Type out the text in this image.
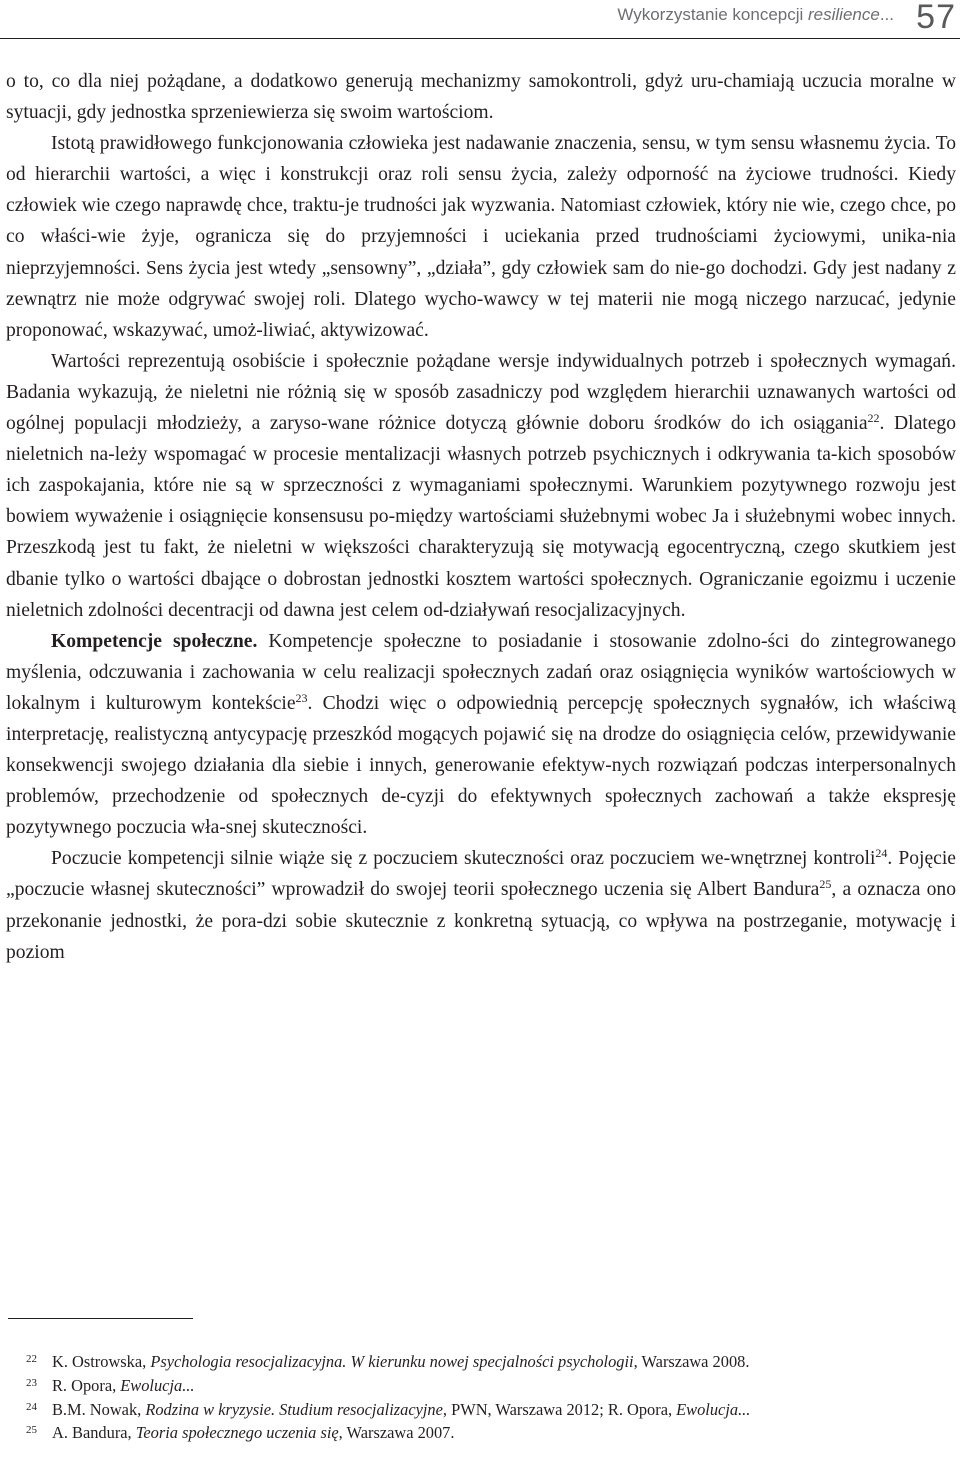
Wykorzystanie koncepcji resilience... 57

o to, co dla niej pożądane, a dodatkowo generują mechanizmy samokontroli, gdyż uru-chamiają uczucia moralne w sytuacji, gdy jednostka sprzeniewierza się swoim wartościom.

Istotą prawidłowego funkcjonowania człowieka jest nadawanie znaczenia, sensu, w tym sensu własnemu życia. To od hierarchii wartości, a więc i konstrukcji oraz roli sensu życia, zależy odporność na życiowe trudności. Kiedy człowiek wie czego naprawdę chce, traktu-je trudności jak wyzwania. Natomiast człowiek, który nie wie, czego chce, po co właści-wie żyje, ogranicza się do przyjemności i uciekania przed trudnościami życiowymi, unika-nia nieprzyjemności. Sens życia jest wtedy „sensowny”, „działa”, gdy człowiek sam do nie-go dochodzi. Gdy jest nadany z zewnątrz nie może odgrywać swojej roli. Dlatego wycho-wawcy w tej materii nie mogą niczego narzucać, jedynie proponować, wskazywać, umoż-liwiać, aktywizować.

Wartości reprezentują osobiście i społecznie pożądane wersje indywidualnych potrzeb i społecznych wymagań. Badania wykazują, że nieletni nie różnią się w sposób zasadniczy pod względem hierarchii uznawanych wartości od ogólnej populacji młodzieży, a zaryso-wane różnice dotyczą głównie doboru środków do ich osiągania$^{22}$. Dlatego nieletnich na-leży wspomagać w procesie mentalizacji własnych potrzeb psychicznych i odkrywania ta-kich sposobów ich zaspokajania, które nie są w sprzeczności z wymaganiami społecznymi. Warunkiem pozytywnego rozwoju jest bowiem wyważenie i osiągnięcie konsensusu po-między wartościami służebnymi wobec Ja i służebnymi wobec innych. Przeszkodą jest tu fakt, że nieletni w większości charakteryzują się motywacją egocentryczną, czego skutkiem jest dbanie tylko o wartości dbające o dobrostan jednostki kosztem wartości społecznych. Ograniczanie egoizmu i uczenie nieletnich zdolności decentracji od dawna jest celem od-działywań resocjalizacyjnych.

Kompetencje społeczne. Kompetencje społeczne to posiadanie i stosowanie zdolno-ści do zintegrowanego myślenia, odczuwania i zachowania w celu realizacji społecznych zadań oraz osiągnięcia wyników wartościowych w lokalnym i kulturowym kontekście$^{23}$. Chodzi więc o odpowiednią percepcję społecznych sygnałów, ich właściwą interpretację, realistyczną antycypację przeszkód mogących pojawić się na drodze do osiągnięcia celów, przewidywanie konsekwencji swojego działania dla siebie i innych, generowanie efektyw-nych rozwiązań podczas interpersonalnych problemów, przechodzenie od społecznych de-cyzji do efektywnych społecznych zachowań a także ekspresję pozytywnego poczucia wła-snej skuteczności.

Poczucie kompetencji silnie wiąże się z poczuciem skuteczności oraz poczuciem we-wnętrznej kontroli$^{24}$. Pojęcie „poczucie własnej skuteczności” wprowadził do swojej teorii społecznego uczenia się Albert Bandura$^{25}$, a oznacza ono przekonanie jednostki, że pora-dzi sobie skutecznie z konkretną sytuacją, co wpływa na postrzeganie, motywację i poziom

22 K. Ostrowska, Psychologia resocjalizacyjna. W kierunku nowej specjalności psychologii, Warszawa 2008.
23 R. Opora, Ewolucja...
24 B.M. Nowak, Rodzina w kryzysie. Studium resocjalizacyjne, PWN, Warszawa 2012; R. Opora, Ewolucja...
25 A. Bandura, Teoria społecznego uczenia się, Warszawa 2007.
